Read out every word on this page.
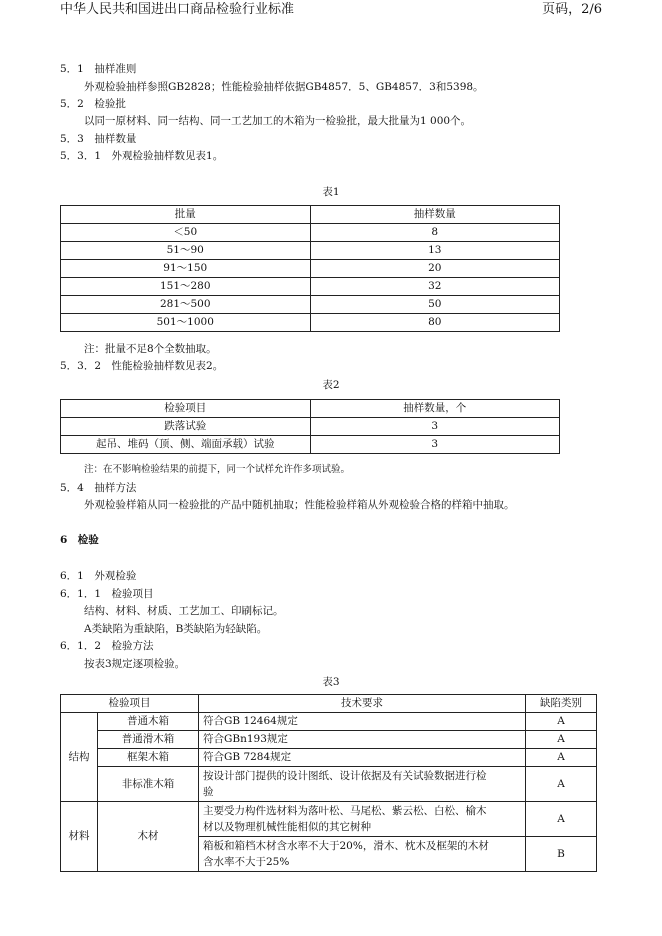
中华人民共和国进出口商品检验行业标准	页码，2/6
5．1　抽样准则
外观检验抽样参照GB2828；性能检验抽样依据GB4857．5、GB4857．3和5398。
5．2　检验批
以同一原材料、同一结构、同一工艺加工的木箱为一检验批，最大批量为1 000个。
5．3　抽样数量
5．3．1　外观检验抽样数见表1。
表1
批量	抽样数量
＜50	8
51～90	13
91～150	20
151～280	32
281～500	50
501～1000	80
注：批量不足8个全数抽取。
5．3．2　性能检验抽样数见表2。
表2
检验项目	抽样数量，个
跌落试验	3
起吊、堆码（顶、侧、端面承载）试验	3
注：在不影响检验结果的前提下，同一个试样允许作多项试验。
5．4　抽样方法
外观检验样箱从同一检验批的产品中随机抽取；性能检验样箱从外观检验合格的样箱中抽取。
6　检验
6．1　外观检验
6．1．1　检验项目
结构、材料、材质、工艺加工、印刷标记。
A类缺陷为重缺陷，B类缺陷为轻缺陷。
6．1．2　检验方法
按表3规定逐项检验。
表3
检验项目		技术要求	缺陷类别
结构	普通木箱	符合GB 12464规定	A
	普通滑木箱	符合GBn193规定	A
	框架木箱	符合GB 7284规定	A
	非标准木箱	按设计部门提供的设计图纸、设计依据及有关试验数据进行检
验	A
材料	木材	主要受力构件选材料为落叶松、马尾松、紫云松、白松、榆木
材以及物理机械性能相似的其它树种	A
		箱板和箱档木材含水率不大于20%，滑木、枕木及框架的木材
含水率不大于25%	B
